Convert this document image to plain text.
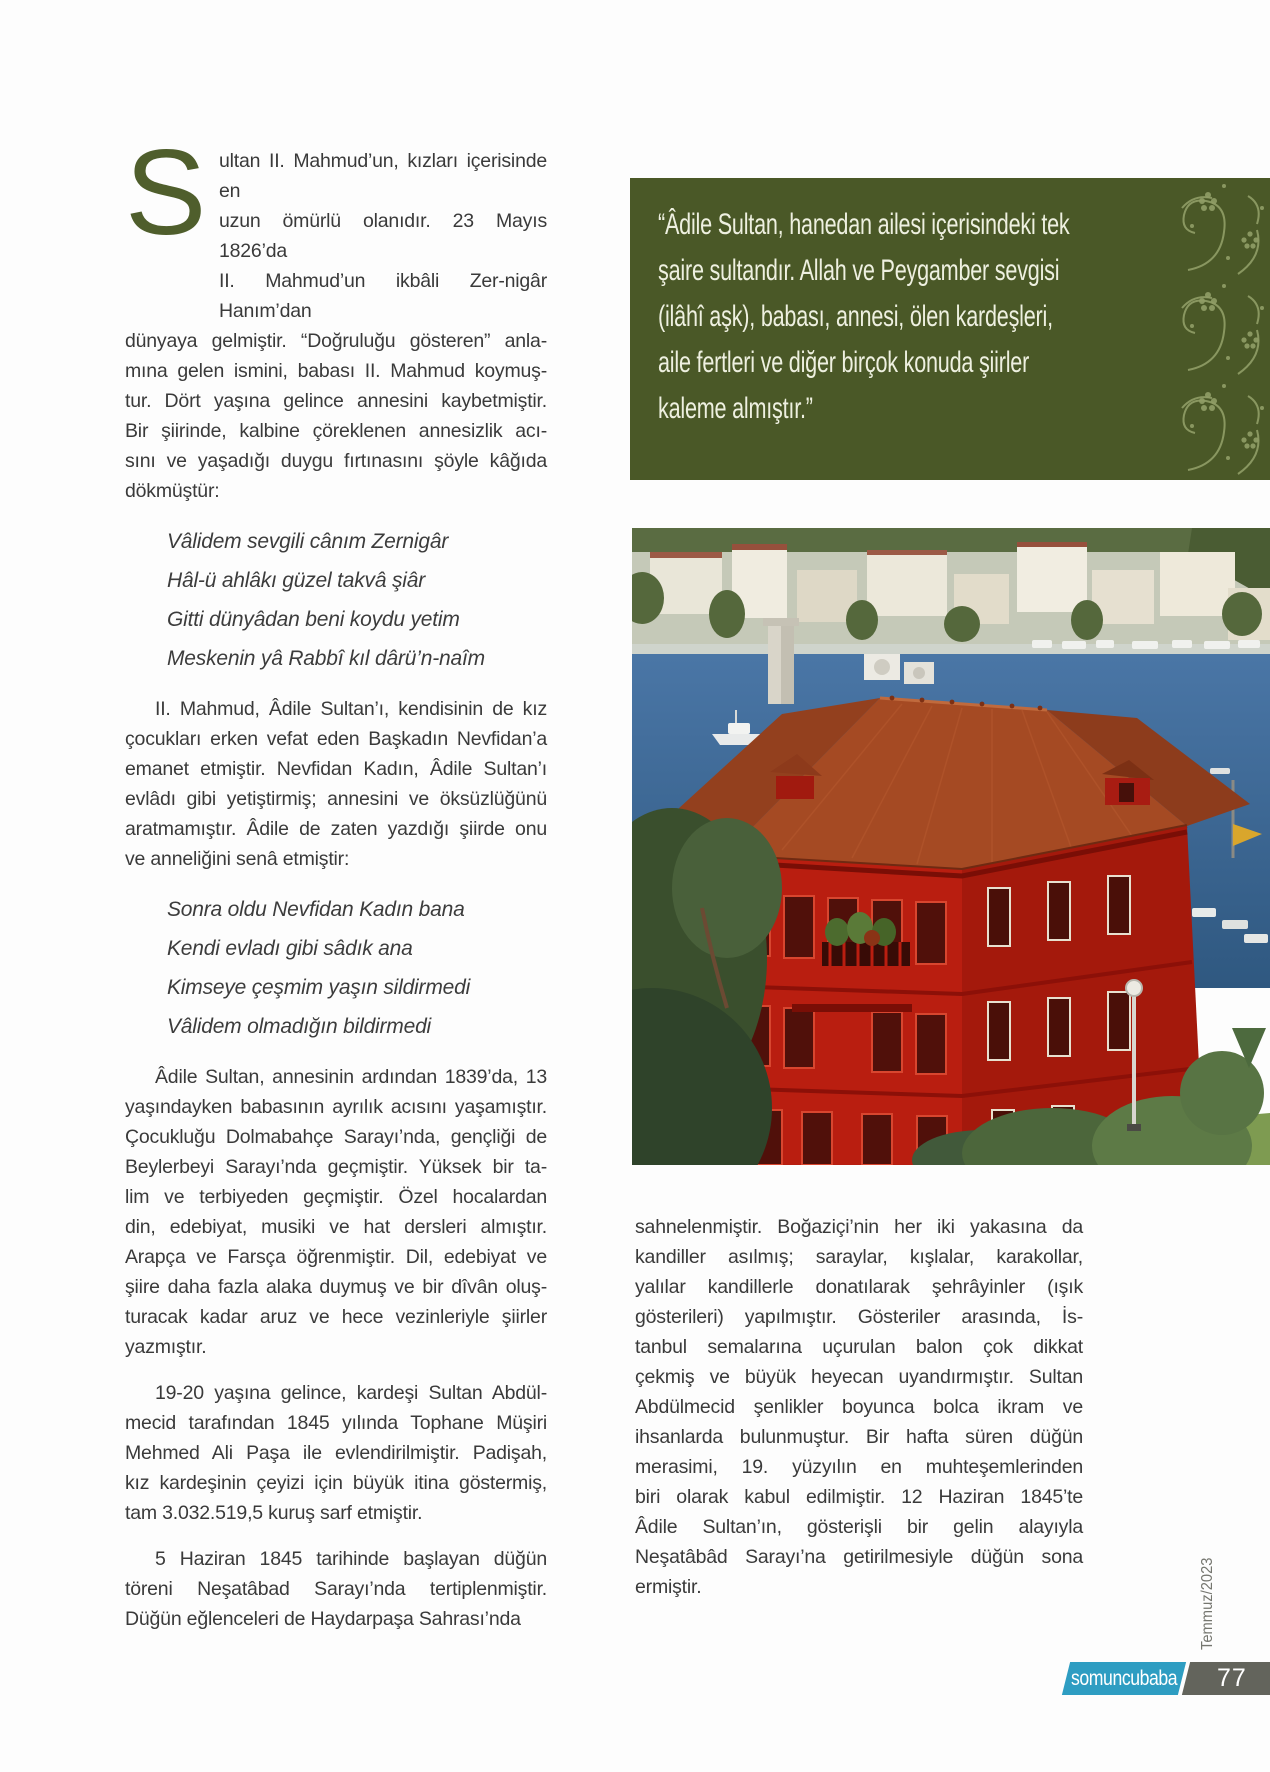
S ultan II. Mahmud’un, kızları içerisinde en
uzun ömürlü olanıdır. 23 Mayıs 1826’da
II. Mahmud’un ikbâli Zer-nigâr Hanım’dan
dünyaya gelmiştir. “Doğruluğu gösteren” anla-
mına gelen ismini, babası II. Mahmud koymuş-
tur. Dört yaşına gelince annesini kaybetmiştir.
Bir şiirinde, kalbine çöreklenen annesizlik acı-
sını ve yaşadığı duygu fırtınasını şöyle kâğıda
dökmüştür:
Vâlidem sevgili cânım Zernigâr
Hâl-ü ahlâkı güzel takvâ şiâr
Gitti dünyâdan beni koydu yetim
Meskenin yâ Rabbî kıl dârü’n-naîm
II. Mahmud, Âdile Sultan’ı, kendisinin de kız
çocukları erken vefat eden Başkadın Nevfidan’a
emanet etmiştir. Nevfidan Kadın, Âdile Sultan’ı
evlâdı gibi yetiştirmiş; annesini ve öksüzlüğünü
aratmamıştır. Âdile de zaten yazdığı şiirde onu
ve anneliğini senâ etmiştir:
Sonra oldu Nevfidan Kadın bana
Kendi evladı gibi sâdık ana
Kimseye çeşmim yaşın sildirmedi
Vâlidem olmadığın bildirmedi
Âdile Sultan, annesinin ardından 1839’da, 13
yaşındayken babasının ayrılık acısını yaşamıştır.
Çocukluğu Dolmabahçe Sarayı’nda, gençliği de
Beylerbeyi Sarayı’nda geçmiştir. Yüksek bir ta-
lim ve terbiyeden geçmiştir. Özel hocalardan
din, edebiyat, musiki ve hat dersleri almıştır.
Arapça ve Farsça öğrenmiştir. Dil, edebiyat ve
şiire daha fazla alaka duymuş ve bir dîvân oluş-
turacak kadar aruz ve hece vezinleriyle şiirler
yazmıştır.
19-20 yaşına gelince, kardeşi Sultan Abdül-
mecid tarafından 1845 yılında Tophane Müşiri
Mehmed Ali Paşa ile evlendirilmiştir. Padişah,
kız kardeşinin çeyizi için büyük itina göstermiş,
tam 3.032.519,5 kuruş sarf etmiştir.
5 Haziran 1845 tarihinde başlayan düğün
töreni Neşatâbad Sarayı’nda tertiplenmiştir.
Düğün eğlenceleri de Haydarpaşa Sahrası’nda
“Âdile Sultan, hanedan ailesi içerisindeki tek
şaire sultandır. Allah ve Peygamber sevgisi
(ilâhî aşk), babası, annesi, ölen kardeşleri,
aile fertleri ve diğer birçok konuda şiirler
kaleme almıştır.”
sahnelenmiştir. Boğaziçi’nin her iki yakasına da
kandiller asılmış; saraylar, kışlalar, karakollar,
yalılar kandillerle donatılarak şehrâyinler (ışık
gösterileri) yapılmıştır. Gösteriler arasında, İs-
tanbul semalarına uçurulan balon çok dikkat
çekmiş ve büyük heyecan uyandırmıştır. Sultan
Abdülmecid şenlikler boyunca bolca ikram ve
ihsanlarda bulunmuştur. Bir hafta süren düğün
merasimi, 19. yüzyılın en muhteşemlerinden
biri olarak kabul edilmiştir. 12 Haziran 1845’te
Âdile Sultan’ın, gösterişli bir gelin alayıyla
Neşatâbâd Sarayı’na getirilmesiyle düğün sona
ermiştir.
somuncubaba 77
Temmuz/2023
